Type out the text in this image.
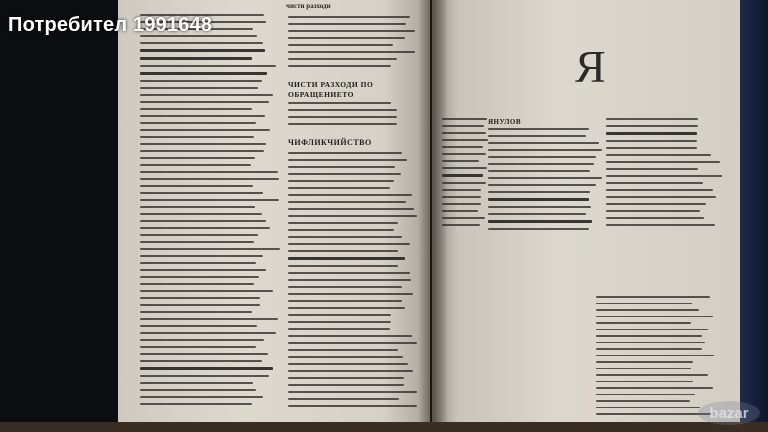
чисти разходи
ЧИСТИ РАЗХОДИ ПО ОБРАЩЕНИЕТО
ЧИФЛИКЧИЙСТВО
Я
ЯНУЛОВ
Потребител 1991648
bazar
